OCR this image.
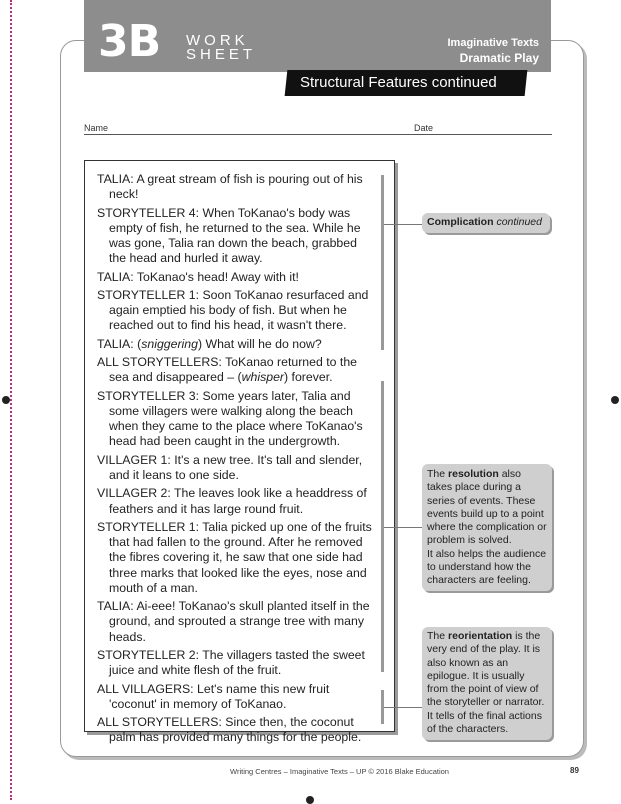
3B WORK
SHEET
Imaginative Texts
Dramatic Play
Structural Features continued
Name	Date
TALIA: A great stream of fish is pouring out of his neck!
STORYTELLER 4: When ToKanao's body was empty of fish, he returned to the sea. While he was gone, Talia ran down the beach, grabbed the head and hurled it away.
TALIA: ToKanao's head! Away with it!
STORYTELLER 1: Soon ToKanao resurfaced and again emptied his body of fish. But when he reached out to find his head, it wasn't there.
TALIA: (sniggering) What will he do now?
ALL STORYTELLERS: ToKanao returned to the sea and disappeared – (whisper) forever.
STORYTELLER 3: Some years later, Talia and some villagers were walking along the beach when they came to the place where ToKanao's head had been caught in the undergrowth.
VILLAGER 1: It's a new tree. It's tall and slender, and it leans to one side.
VILLAGER 2: The leaves look like a headdress of feathers and it has large round fruit.
STORYTELLER 1: Talia picked up one of the fruits that had fallen to the ground. After he removed the fibres covering it, he saw that one side had three marks that looked like the eyes, nose and mouth of a man.
TALIA: Ai-eee! ToKanao's skull planted itself in the ground, and sprouted a strange tree with many heads.
STORYTELLER 2: The villagers tasted the sweet juice and white flesh of the fruit.
ALL VILLAGERS: Let's name this new fruit 'coconut' in memory of ToKanao.
ALL STORYTELLERS: Since then, the coconut palm has provided many things for the people.
Complication continued
The resolution also takes place during a series of events. These events build up to a point where the complication or problem is solved.
It also helps the audience to understand how the characters are feeling.
The reorientation is the very end of the play. It is also known as an epilogue. It is usually from the point of view of the storyteller or narrator. It tells of the final actions of the characters.
Writing Centres – Imaginative Texts – UP © 2016 Blake Education	89
